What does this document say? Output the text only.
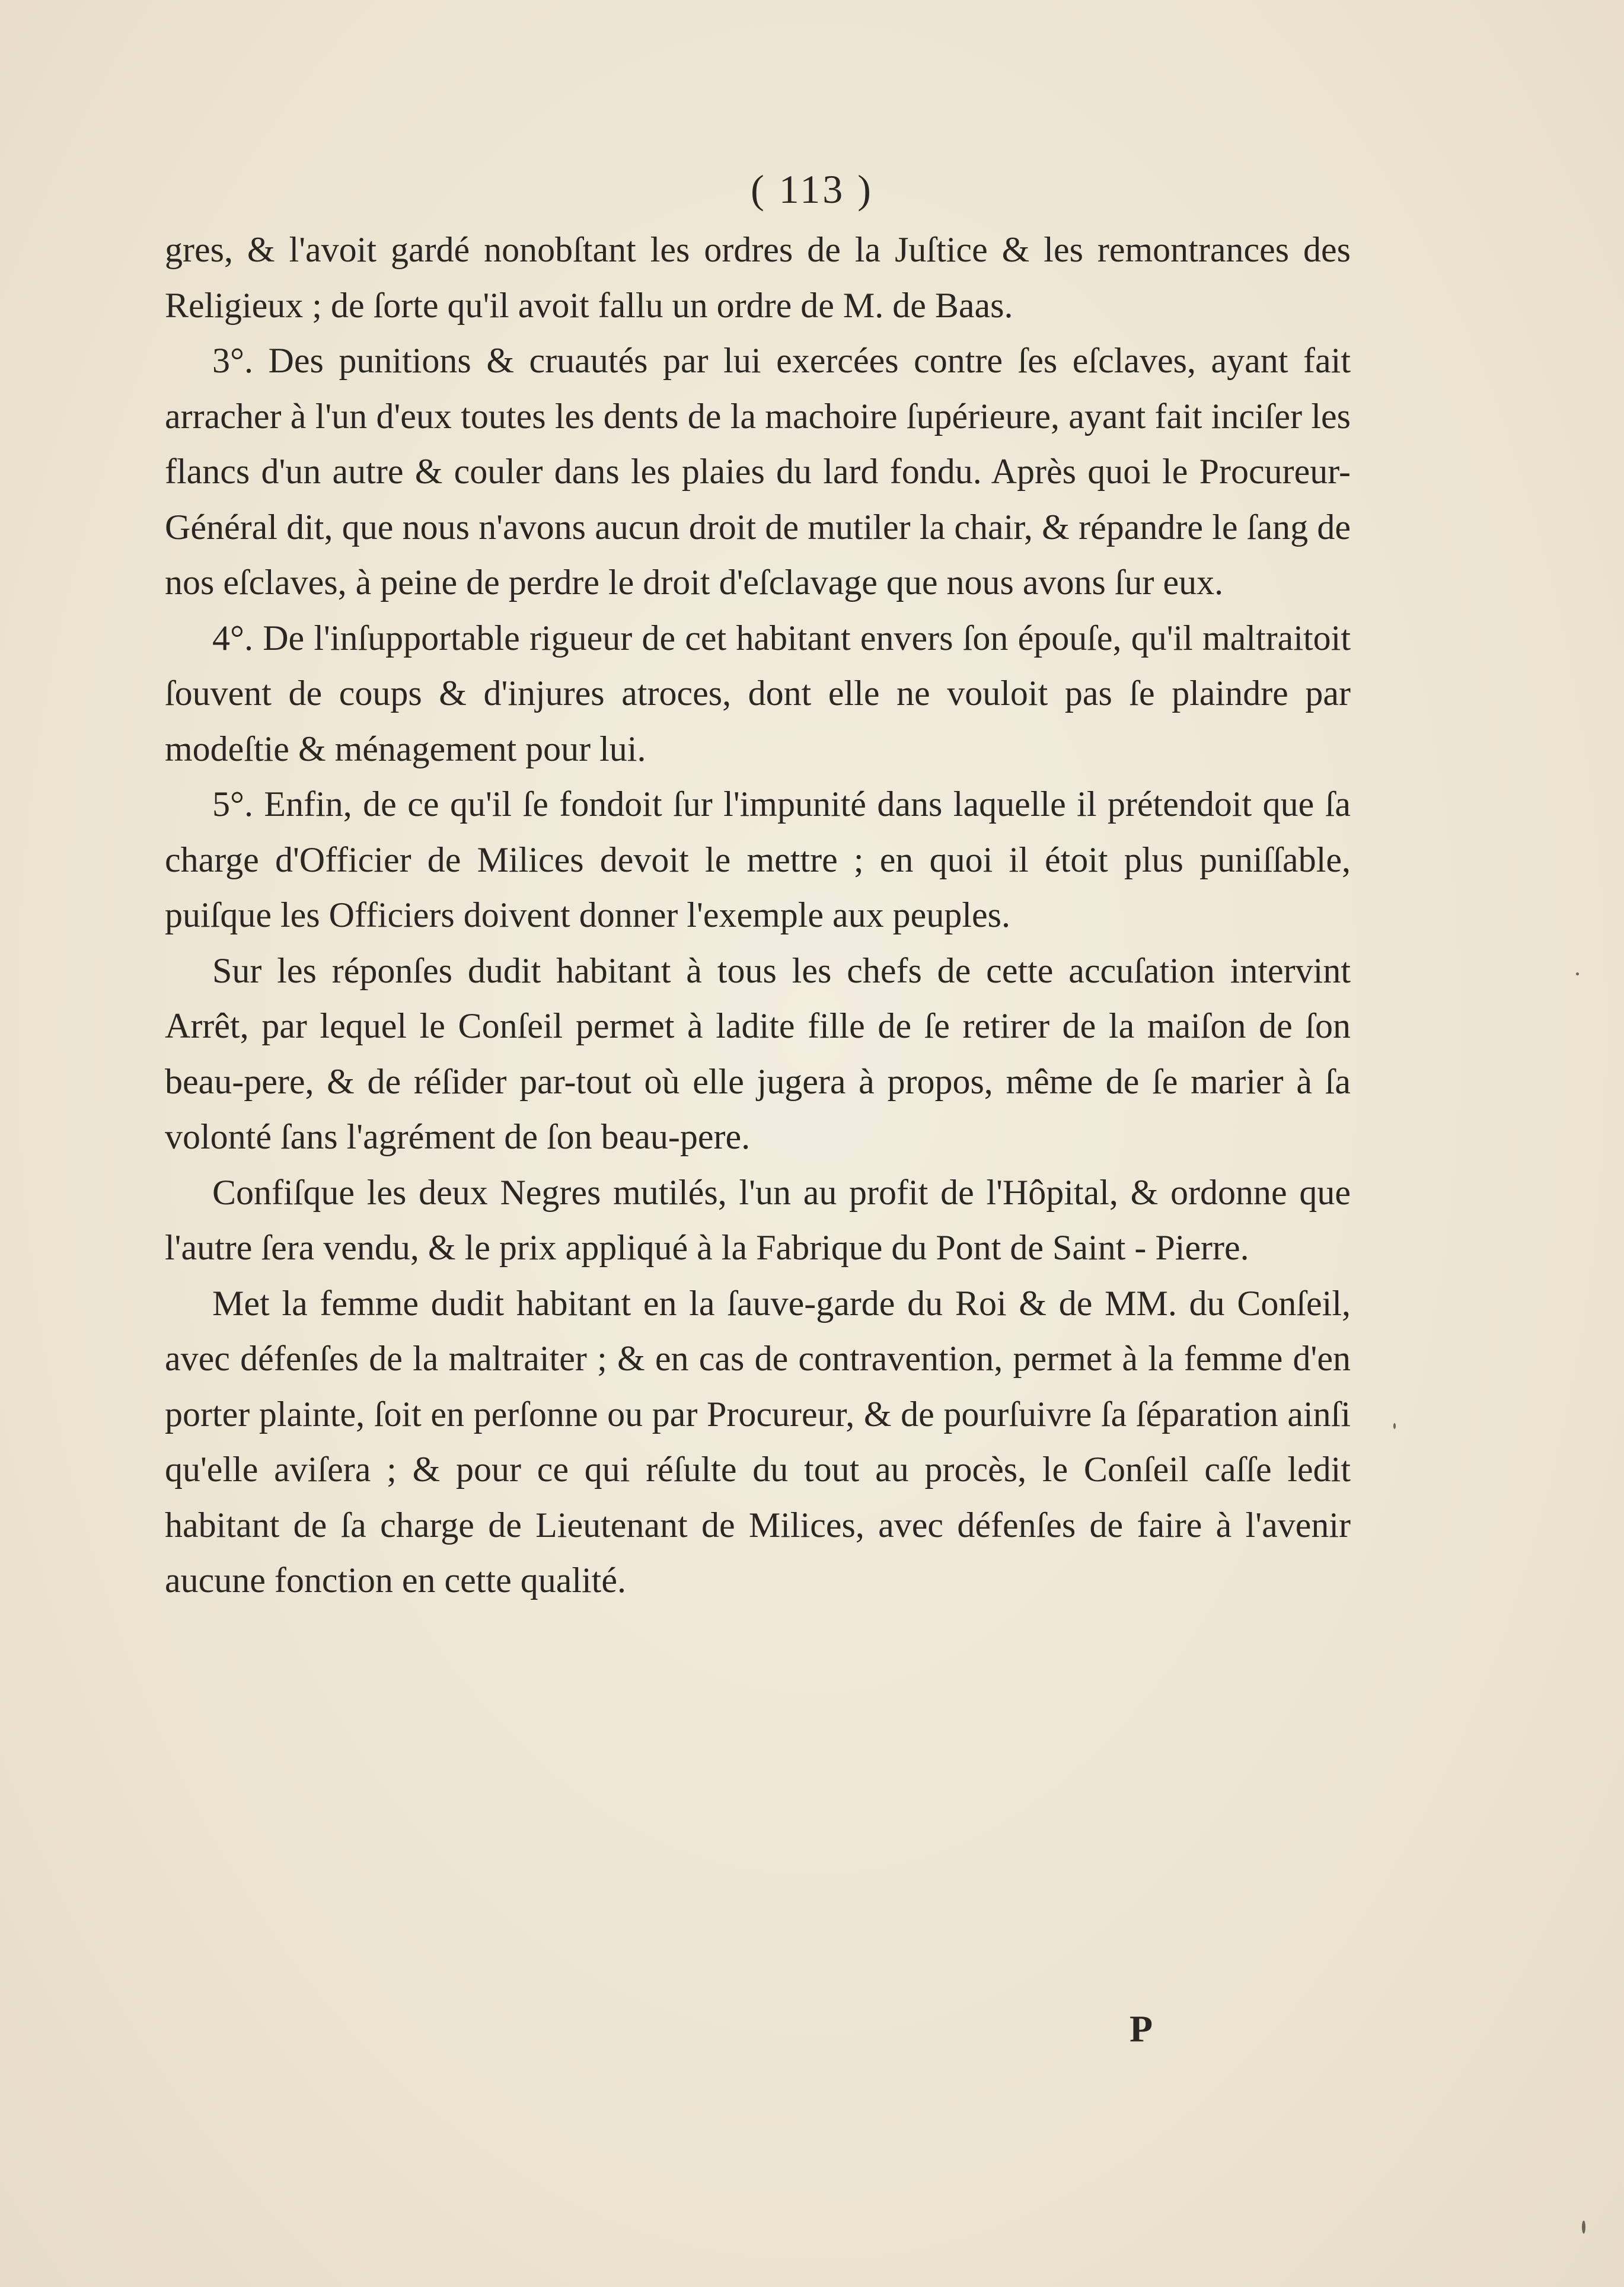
( 113 )

gres, & l'avoit gardé nonobſtant les ordres de la Juſtice & les remontrances des Religieux ; de ſorte qu'il avoit fallu un ordre de M. de Baas.

3°. Des punitions & cruautés par lui exercées contre ſes eſclaves, ayant fait arracher à l'un d'eux toutes les dents de la machoire ſupérieure, ayant fait inciſer les flancs d'un autre & couler dans les plaies du lard fondu. Après quoi le Procureur-Général dit, que nous n'avons aucun droit de mutiler la chair, & répandre le ſang de nos eſclaves, à peine de perdre le droit d'eſclavage que nous avons ſur eux.

4°. De l'inſupportable rigueur de cet habitant envers ſon épouſe, qu'il maltraitoit ſouvent de coups & d'injures atroces, dont elle ne vouloit pas ſe plaindre par modeſtie & ménagement pour lui.

5°. Enfin, de ce qu'il ſe fondoit ſur l'impunité dans laquelle il prétendoit que ſa charge d'Officier de Milices devoit le mettre ; en quoi il étoit plus puniſſable, puiſque les Officiers doivent donner l'exemple aux peuples.

Sur les réponſes dudit habitant à tous les chefs de cette accuſation intervint Arrêt, par lequel le Conſeil permet à ladite fille de ſe retirer de la maiſon de ſon beau-pere, & de réſider par-tout où elle jugera à propos, même de ſe marier à ſa volonté ſans l'agrément de ſon beau-pere.

Confiſque les deux Negres mutilés, l'un au profit de l'Hôpital, & ordonne que l'autre ſera vendu, & le prix appliqué à la Fabrique du Pont de Saint - Pierre.

Met la femme dudit habitant en la ſauve-garde du Roi & de MM. du Conſeil, avec défenſes de la maltraiter ; & en cas de contravention, permet à la femme d'en porter plainte, ſoit en perſonne ou par Procureur, & de pourſuivre ſa ſéparation ainſi qu'elle aviſera ; & pour ce qui réſulte du tout au procès, le Conſeil caſſe ledit habitant de ſa charge de Lieutenant de Milices, avec défenſes de faire à l'avenir aucune fonction en cette qualité.

P
